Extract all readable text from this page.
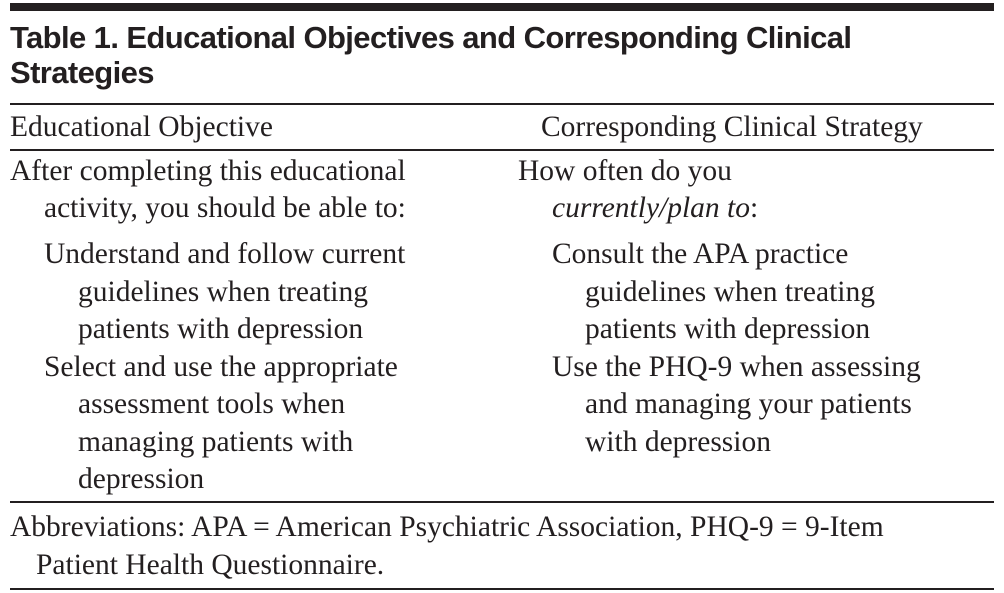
Table 1. Educational Objectives and Corresponding Clinical
Strategies
Educational Objective	Corresponding Clinical Strategy
After completing this educational
activity, you should be able to:
Understand and follow current
guidelines when treating
patients with depression
Select and use the appropriate
assessment tools when
managing patients with
depression
How often do you
currently/plan to:
Consult the APA practice
guidelines when treating
patients with depression
Use the PHQ-9 when assessing
and managing your patients
with depression
Abbreviations: APA = American Psychiatric Association, PHQ-9 = 9-Item
Patient Health Questionnaire.
